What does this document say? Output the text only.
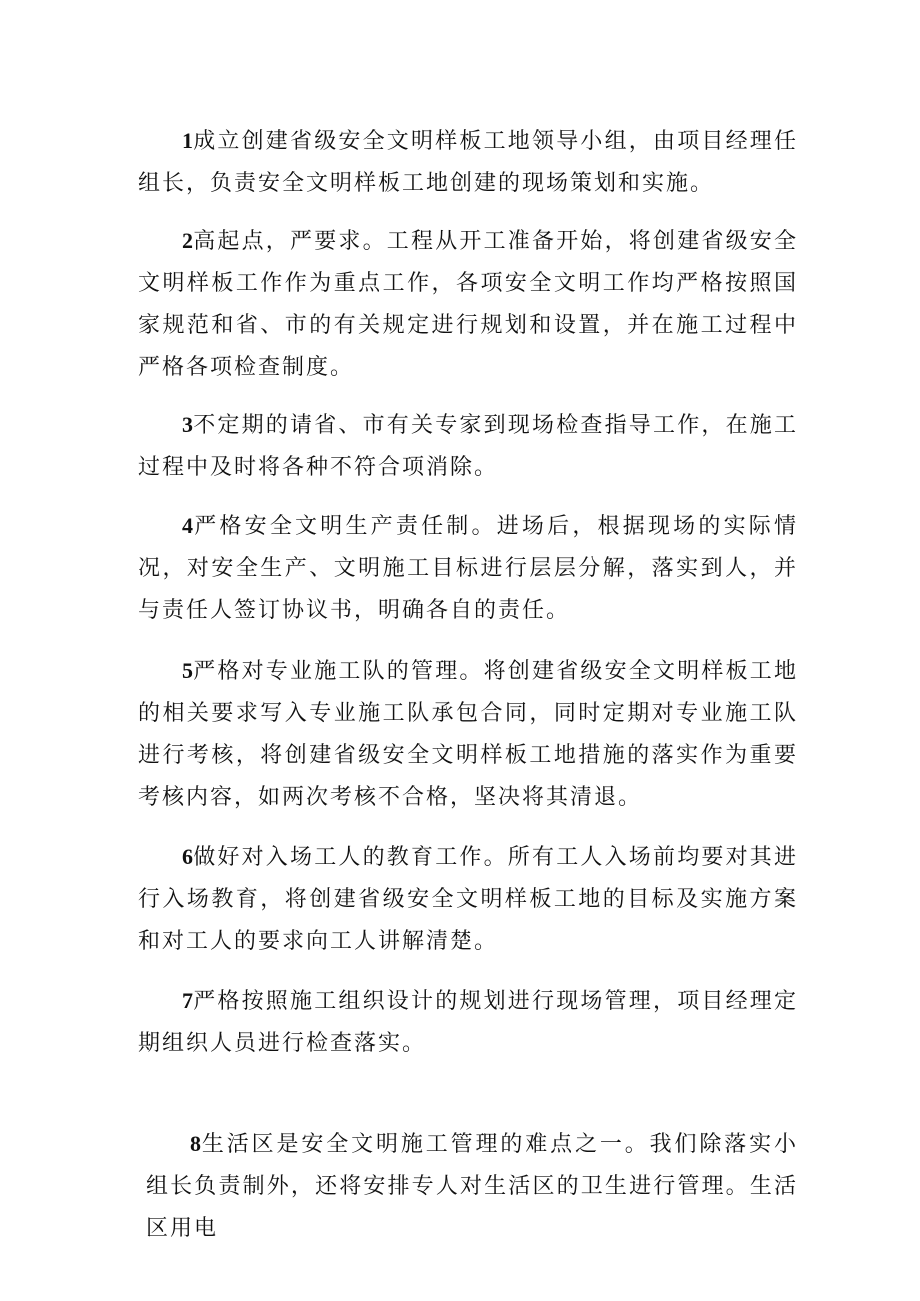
1成立创建省级安全文明样板工地领导小组，由项目经理任组长，负责安全文明样板工地创建的现场策划和实施。

2高起点，严要求。工程从开工准备开始，将创建省级安全文明样板工作作为重点工作，各项安全文明工作均严格按照国家规范和省、市的有关规定进行规划和设置，并在施工过程中严格各项检查制度。

3不定期的请省、市有关专家到现场检查指导工作，在施工过程中及时将各种不符合项消除。

4严格安全文明生产责任制。进场后，根据现场的实际情况，对安全生产、文明施工目标进行层层分解，落实到人，并与责任人签订协议书，明确各自的责任。

5严格对专业施工队的管理。将创建省级安全文明样板工地的相关要求写入专业施工队承包合同，同时定期对专业施工队进行考核，将创建省级安全文明样板工地措施的落实作为重要考核内容，如两次考核不合格，坚决将其清退。

6做好对入场工人的教育工作。所有工人入场前均要对其进行入场教育，将创建省级安全文明样板工地的目标及实施方案和对工人的要求向工人讲解清楚。

7严格按照施工组织设计的规划进行现场管理，项目经理定期组织人员进行检查落实。

8生活区是安全文明施工管理的难点之一。我们除落实小组长负责制外，还将安排专人对生活区的卫生进行管理。生活区用电
